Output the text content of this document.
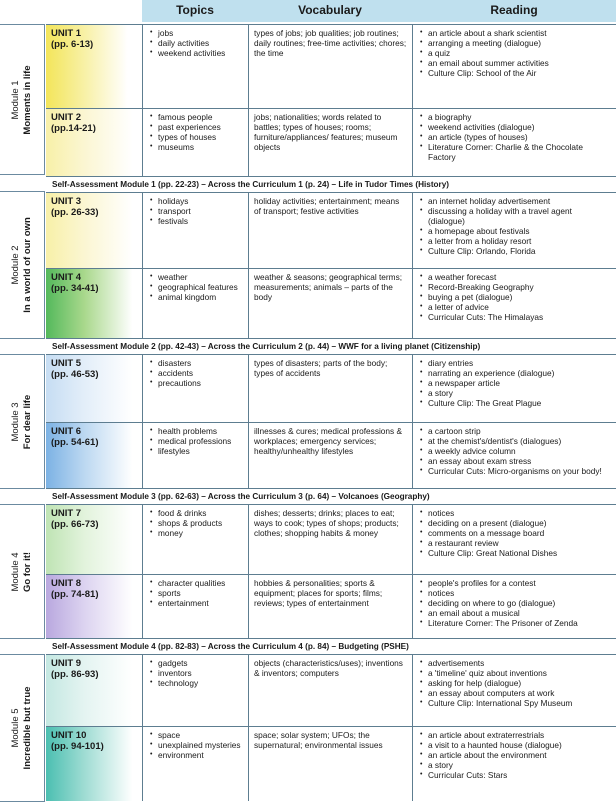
Topics	Vocabulary	Reading
Module 1 Moments in life
Module 2 In a world of our own
Module 3 For dear life
Module 4 Go for it!
Module 5 Incredible but true
UNIT 1
(pp. 6-13)
• jobs
• daily activities
• weekend activities
types of jobs; job qualities; job routines; daily routines; free-time activities; chores; the time
• an article about a shark scientist
• arranging a meeting (dialogue)
• a quiz
• an email about summer activities
• Culture Clip: School of the Air
UNIT 2
(pp.14-21)
• famous people
• past experiences
• types of houses
• museums
jobs; nationalities; words related to battles; types of houses; rooms; furniture/appliances/ features; museum objects
• a biography
• weekend activities (dialogue)
• an article (types of houses)
• Literature Corner: Charlie & the Chocolate Factory
Self-Assessment Module 1 (pp. 22-23) – Across the Curriculum 1 (p. 24) – Life in Tudor Times (History)
UNIT 3
(pp. 26-33)
• holidays
• transport
• festivals
holiday activities; entertainment; means of transport; festive activities
• an internet holiday advertisement
• discussing a holiday with a travel agent (dialogue)
• a homepage about festivals
• a letter from a holiday resort
• Culture Clip: Orlando, Florida
UNIT 4
(pp. 34-41)
• weather
• geographical features
• animal kingdom
weather & seasons; geographical terms; measurements; animals – parts of the body
• a weather forecast
• Record-Breaking Geography
• buying a pet (dialogue)
• a letter of advice
• Curricular Cuts: The Himalayas
Self-Assessment Module 2 (pp. 42-43) – Across the Curriculum 2 (p. 44) – WWF for a living planet (Citizenship)
UNIT 5
(pp. 46-53)
• disasters
• accidents
• precautions
types of disasters; parts of the body; types of accidents
• diary entries
• narrating an experience (dialogue)
• a newspaper article
• a story
• Culture Clip: The Great Plague
UNIT 6
(pp. 54-61)
• health problems
• medical professions
• lifestyles
illnesses & cures; medical professions & workplaces; emergency services; healthy/unhealthy lifestyles
• a cartoon strip
• at the chemist's/dentist's (dialogues)
• a weekly advice column
• an essay about exam stress
• Curricular Cuts: Micro-organisms on your body!
Self-Assessment Module 3 (pp. 62-63) – Across the Curriculum 3 (p. 64) – Volcanoes (Geography)
UNIT 7
(pp. 66-73)
• food & drinks
• shops & products
• money
dishes; desserts; drinks; places to eat; ways to cook; types of shops; products; clothes; shopping habits & money
• notices
• deciding on a present (dialogue)
• comments on a message board
• a restaurant review
• Culture Clip: Great National Dishes
UNIT 8
(pp. 74-81)
• character qualities
• sports
• entertainment
hobbies & personalities; sports & equipment; places for sports; films; reviews; types of entertainment
• people's profiles for a contest
• notices
• deciding on where to go (dialogue)
• an email about a musical
• Literature Corner: The Prisoner of Zenda
Self-Assessment Module 4 (pp. 82-83) – Across the Curriculum 4 (p. 84) – Budgeting (PSHE)
UNIT 9
(pp. 86-93)
• gadgets
• inventors
• technology
objects (characteristics/uses); inventions & inventors; computers
• advertisements
• a 'timeline' quiz about inventions
• asking for help (dialogue)
• an essay about computers at work
• Culture Clip: International Spy Museum
UNIT 10
(pp. 94-101)
• space
• unexplained mysteries
• environment
space; solar system; UFOs; the supernatural; environmental issues
• an article about extraterrestrials
• a visit to a haunted house (dialogue)
• an article about the environment
• a story
• Curricular Cuts: Stars
